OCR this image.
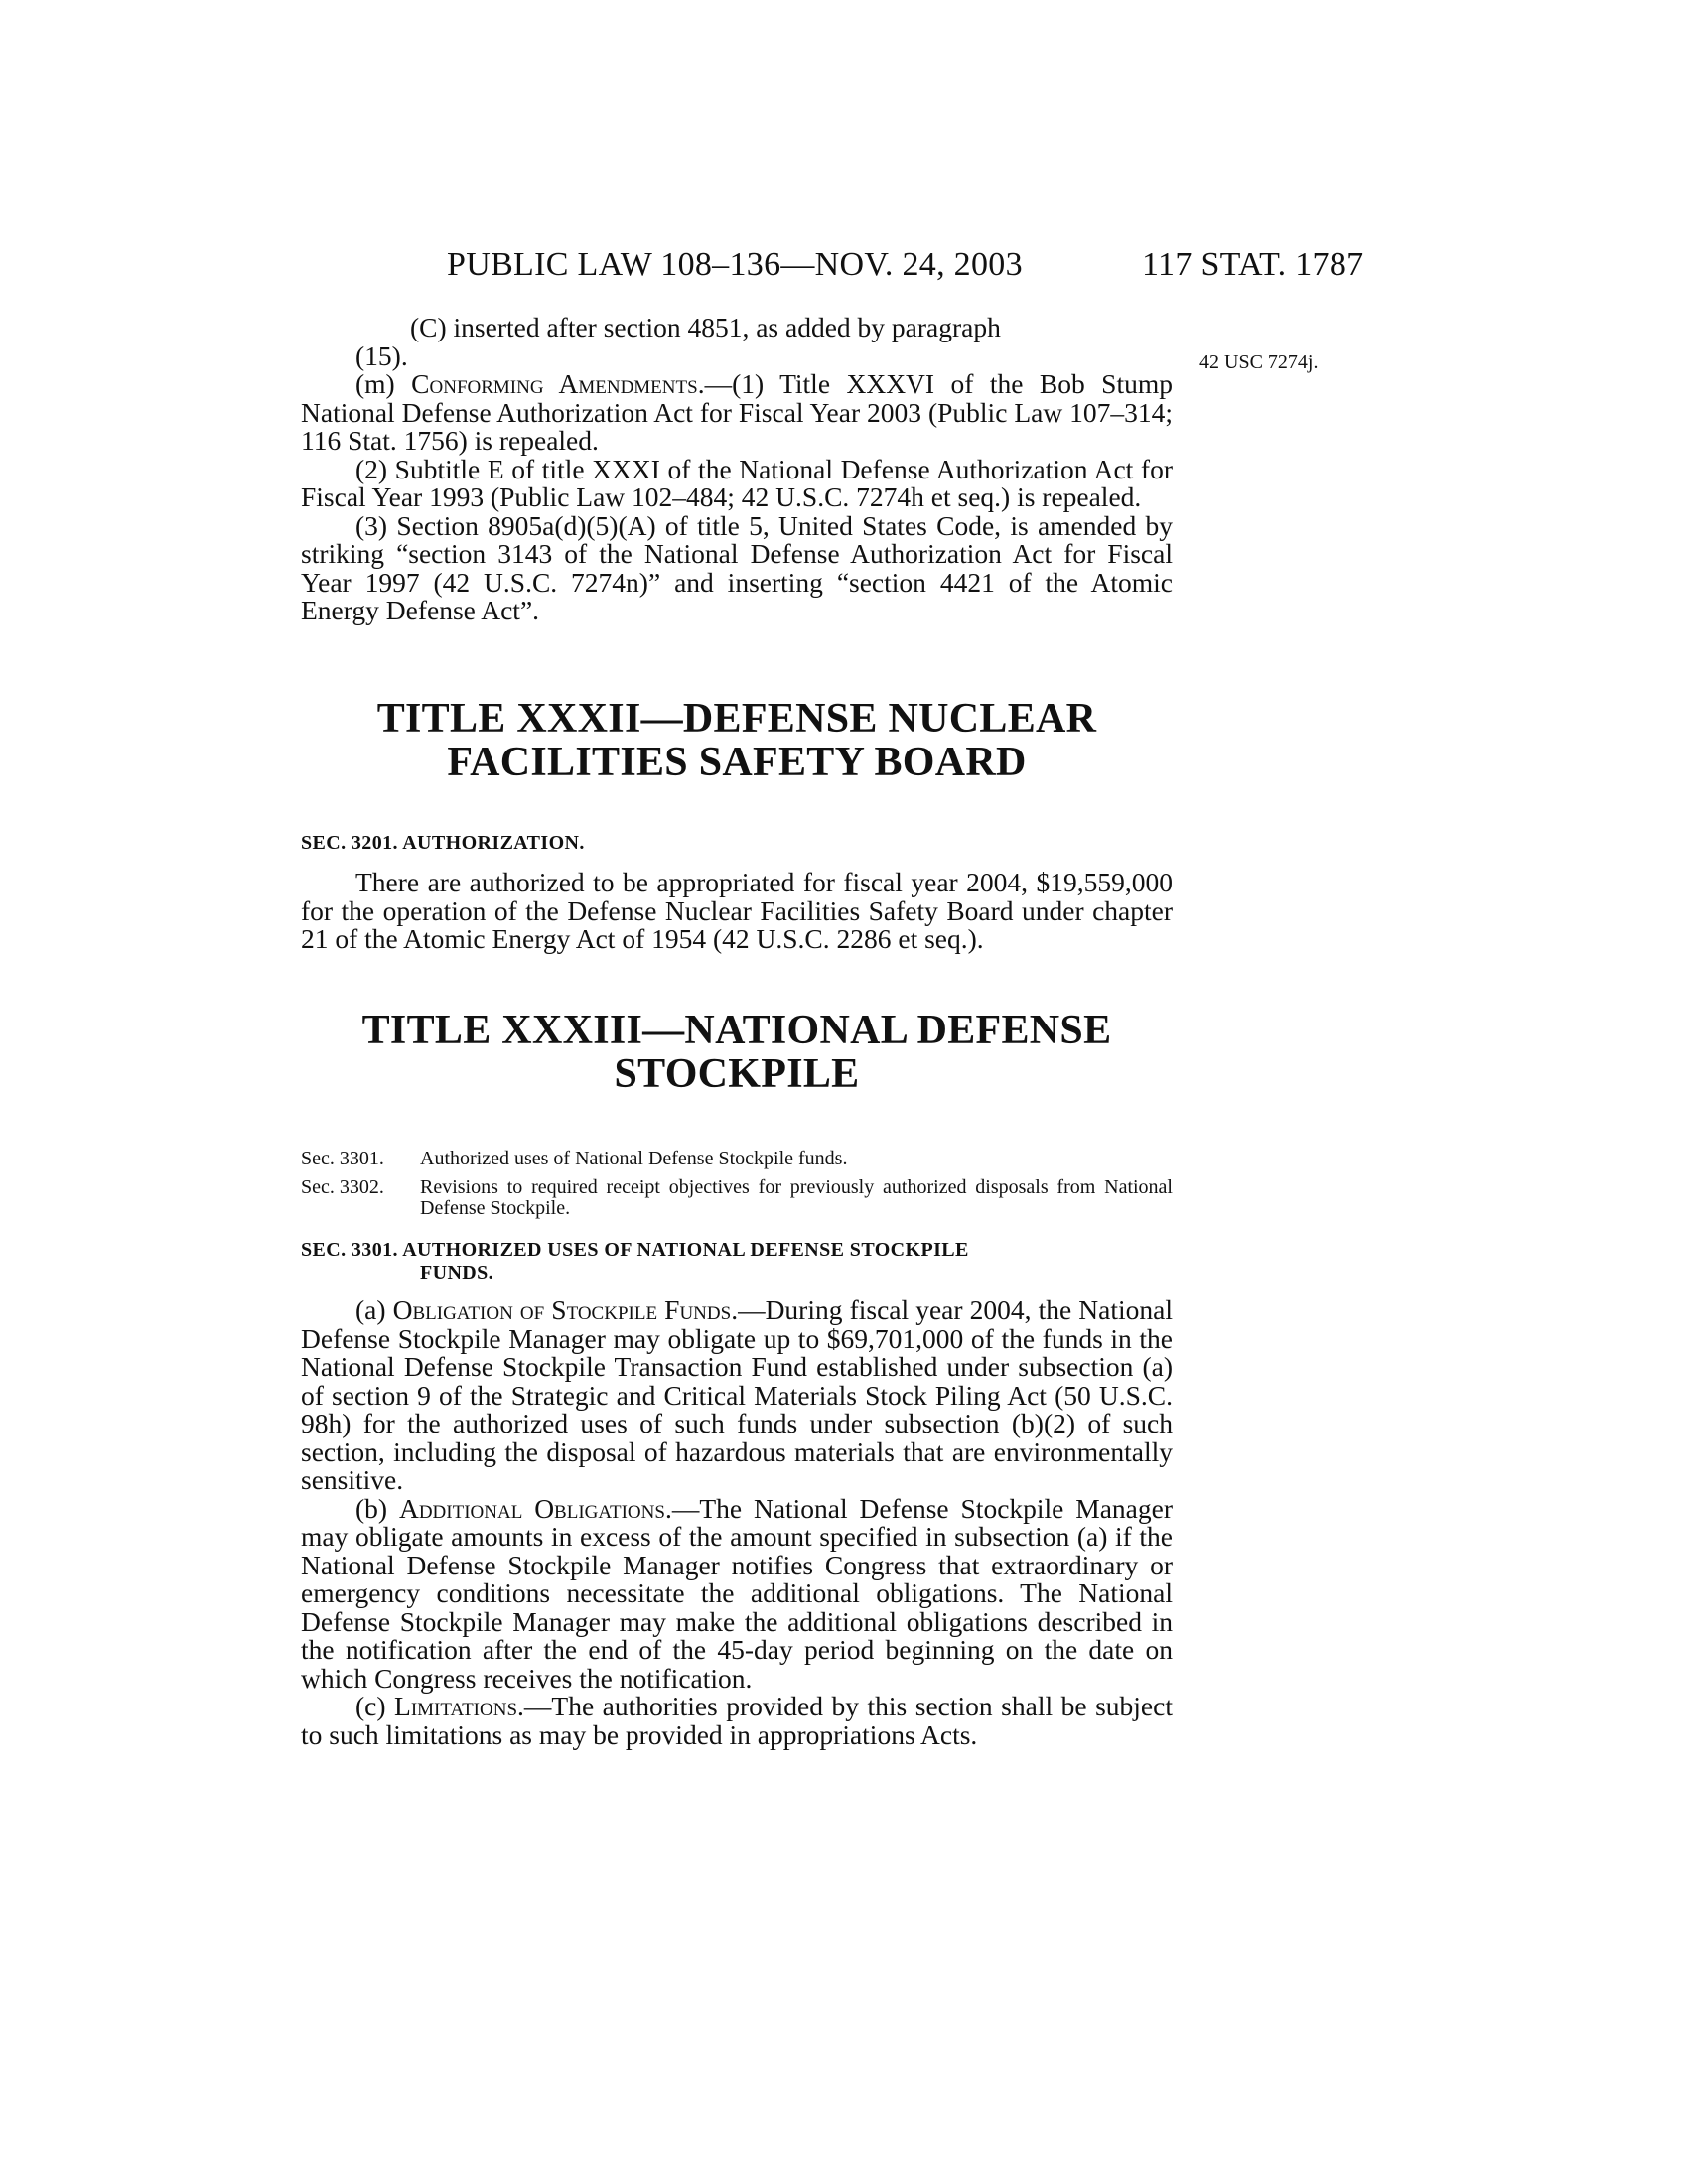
PUBLIC LAW 108–136—NOV. 24, 2003	117 STAT. 1787
42 USC 7274j.

(C) inserted after section 4851, as added by paragraph
(15).

(m) Conforming Amendments.—(1) Title XXXVI of the Bob Stump National Defense Authorization Act for Fiscal Year 2003 (Public Law 107–314; 116 Stat. 1756) is repealed.

(2) Subtitle E of title XXXI of the National Defense Authorization Act for Fiscal Year 1993 (Public Law 102–484; 42 U.S.C. 7274h et seq.) is repealed.

(3) Section 8905a(d)(5)(A) of title 5, United States Code, is amended by striking “section 3143 of the National Defense Authorization Act for Fiscal Year 1997 (42 U.S.C. 7274n)” and inserting “section 4421 of the Atomic Energy Defense Act”.

TITLE XXXII—DEFENSE NUCLEAR
FACILITIES SAFETY BOARD

SEC. 3201. AUTHORIZATION.

There are authorized to be appropriated for fiscal year 2004, $19,559,000 for the operation of the Defense Nuclear Facilities Safety Board under chapter 21 of the Atomic Energy Act of 1954 (42 U.S.C. 2286 et seq.).

TITLE XXXIII—NATIONAL DEFENSE
STOCKPILE
Sec. 3301.	Authorized uses of National Defense Stockpile funds.
Sec. 3302.	Revisions to required receipt objectives for previously authorized disposals from National Defense Stockpile.
SEC. 3301. AUTHORIZED USES OF NATIONAL DEFENSE STOCKPILE
FUNDS.

(a) Obligation of Stockpile Funds.—During fiscal year 2004, the National Defense Stockpile Manager may obligate up to $69,701,000 of the funds in the National Defense Stockpile Transaction Fund established under subsection (a) of section 9 of the Strategic and Critical Materials Stock Piling Act (50 U.S.C. 98h) for the authorized uses of such funds under subsection (b)(2) of such section, including the disposal of hazardous materials that are environmentally sensitive.

(b) Additional Obligations.—The National Defense Stockpile Manager may obligate amounts in excess of the amount specified in subsection (a) if the National Defense Stockpile Manager notifies Congress that extraordinary or emergency conditions necessitate the additional obligations. The National Defense Stockpile Manager may make the additional obligations described in the notification after the end of the 45-day period beginning on the date on which Congress receives the notification.

(c) Limitations.—The authorities provided by this section shall be subject to such limitations as may be provided in appropriations Acts.
